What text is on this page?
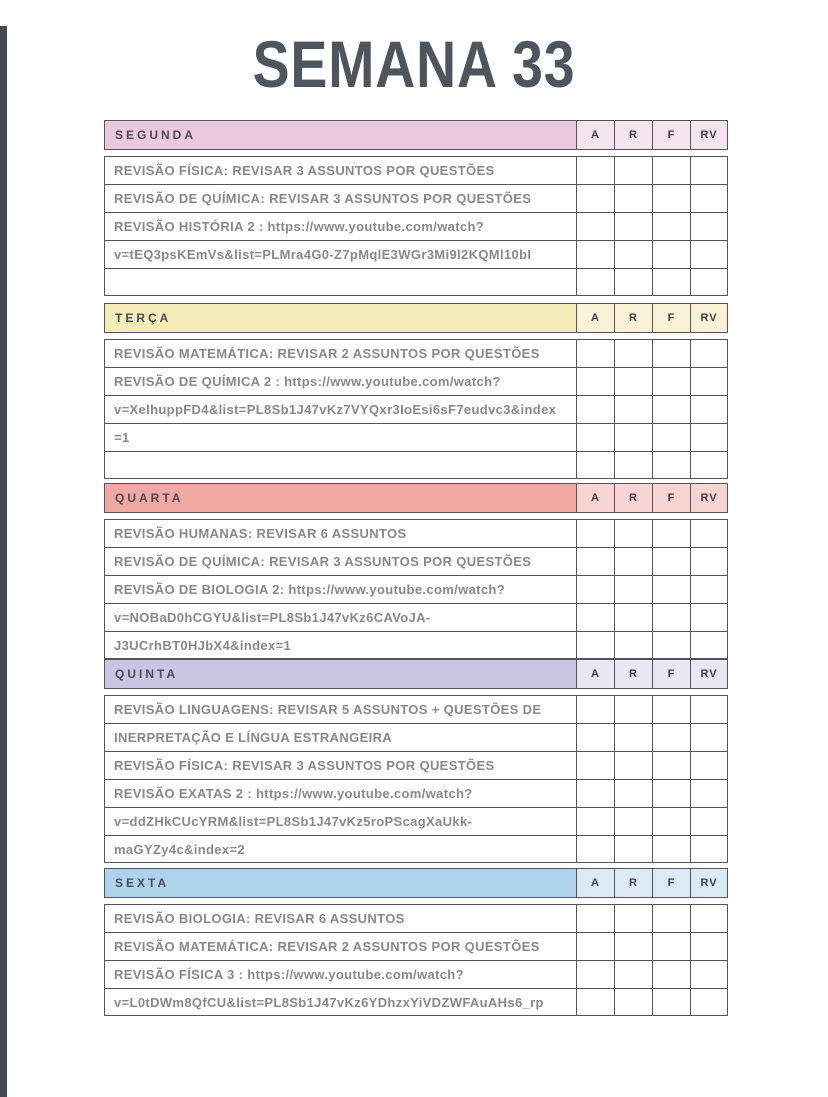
SEMANA 33
SEGUNDA	A	R	F	RV
REVISÃO FÍSICA: REVISAR 3 ASSUNTOS POR QUESTÕES
REVISÃO DE QUÍMICA: REVISAR 3 ASSUNTOS POR QUESTÕES
REVISÃO HISTÓRIA 2 : https://www.youtube.com/watch?
v=tEQ3psKEmVs&list=PLMra4G0-Z7pMqlE3WGr3Mi9l2KQMl10bI
TERÇA	A	R	F	RV
REVISÃO MATEMÁTICA: REVISAR 2 ASSUNTOS POR QUESTÕES
REVISÃO DE QUÍMICA 2 : https://www.youtube.com/watch?
v=XelhuppFD4&list=PL8Sb1J47vKz7VYQxr3IoEsi6sF7eudvc3&index
=1
QUARTA	A	R	F	RV
REVISÃO HUMANAS: REVISAR 6 ASSUNTOS
REVISÃO DE QUÍMICA: REVISAR 3 ASSUNTOS POR QUESTÕES
REVISÃO DE BIOLOGIA 2: https://www.youtube.com/watch?
v=NOBaD0hCGYU&list=PL8Sb1J47vKz6CAVoJA-
J3UCrhBT0HJbX4&index=1
QUINTA	A	R	F	RV
REVISÃO LINGUAGENS: REVISAR 5 ASSUNTOS + QUESTÕES DE
INERPRETAÇÃO E LÍNGUA ESTRANGEIRA
REVISÃO FÍSICA: REVISAR 3 ASSUNTOS POR QUESTÕES
REVISÃO EXATAS 2 : https://www.youtube.com/watch?
v=ddZHkCUcYRM&list=PL8Sb1J47vKz5roPScagXaUkk-
maGYZy4c&index=2
SEXTA	A	R	F	RV
REVISÃO BIOLOGIA: REVISAR 6 ASSUNTOS
REVISÃO MATEMÁTICA: REVISAR 2 ASSUNTOS POR QUESTÕES
REVISÃO FÍSICA 3 : https://www.youtube.com/watch?
v=L0tDWm8QfCU&list=PL8Sb1J47vKz6YDhzxYiVDZWFAuAHs6_rp
